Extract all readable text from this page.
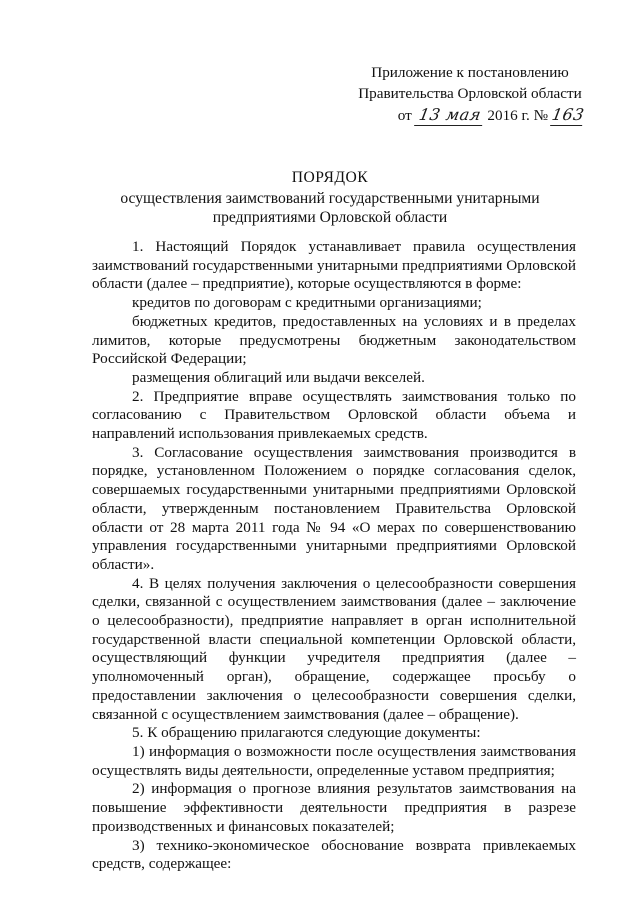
Приложение к постановлению
Правительства Орловской области
от 13 мая 2016 г. № 163
ПОРЯДОК
осуществления заимствований государственными унитарными
предприятиями Орловской области

1. Настоящий Порядок устанавливает правила осуществления заимствований государственными унитарными предприятиями Орловской области (далее – предприятие), которые осуществляются в форме:

кредитов по договорам с кредитными организациями;

бюджетных кредитов, предоставленных на условиях и в пределах лимитов, которые предусмотрены бюджетным законодательством Российской Федерации;

размещения облигаций или выдачи векселей.

2. Предприятие вправе осуществлять заимствования только по согласованию с Правительством Орловской области объема и направлений использования привлекаемых средств.

3. Согласование осуществления заимствования производится в порядке, установленном Положением о порядке согласования сделок, совершаемых государственными унитарными предприятиями Орловской области, утвержденным постановлением Правительства Орловской области от 28 марта 2011 года № 94 «О мерах по совершенствованию управления государственными унитарными предприятиями Орловской области».

4. В целях получения заключения о целесообразности совершения сделки, связанной с осуществлением заимствования (далее – заключение о целесообразности), предприятие направляет в орган исполнительной государственной власти специальной компетенции Орловской области, осуществляющий функции учредителя предприятия (далее – уполномоченный орган), обращение, содержащее просьбу о предоставлении заключения о целесообразности совершения сделки, связанной с осуществлением заимствования (далее – обращение).

5. К обращению прилагаются следующие документы:

1) информация о возможности после осуществления заимствования осуществлять виды деятельности, определенные уставом предприятия;

2) информация о прогнозе влияния результатов заимствования на повышение эффективности деятельности предприятия в разрезе производственных и финансовых показателей;

3) технико-экономическое обоснование возврата привлекаемых средств, содержащее:
